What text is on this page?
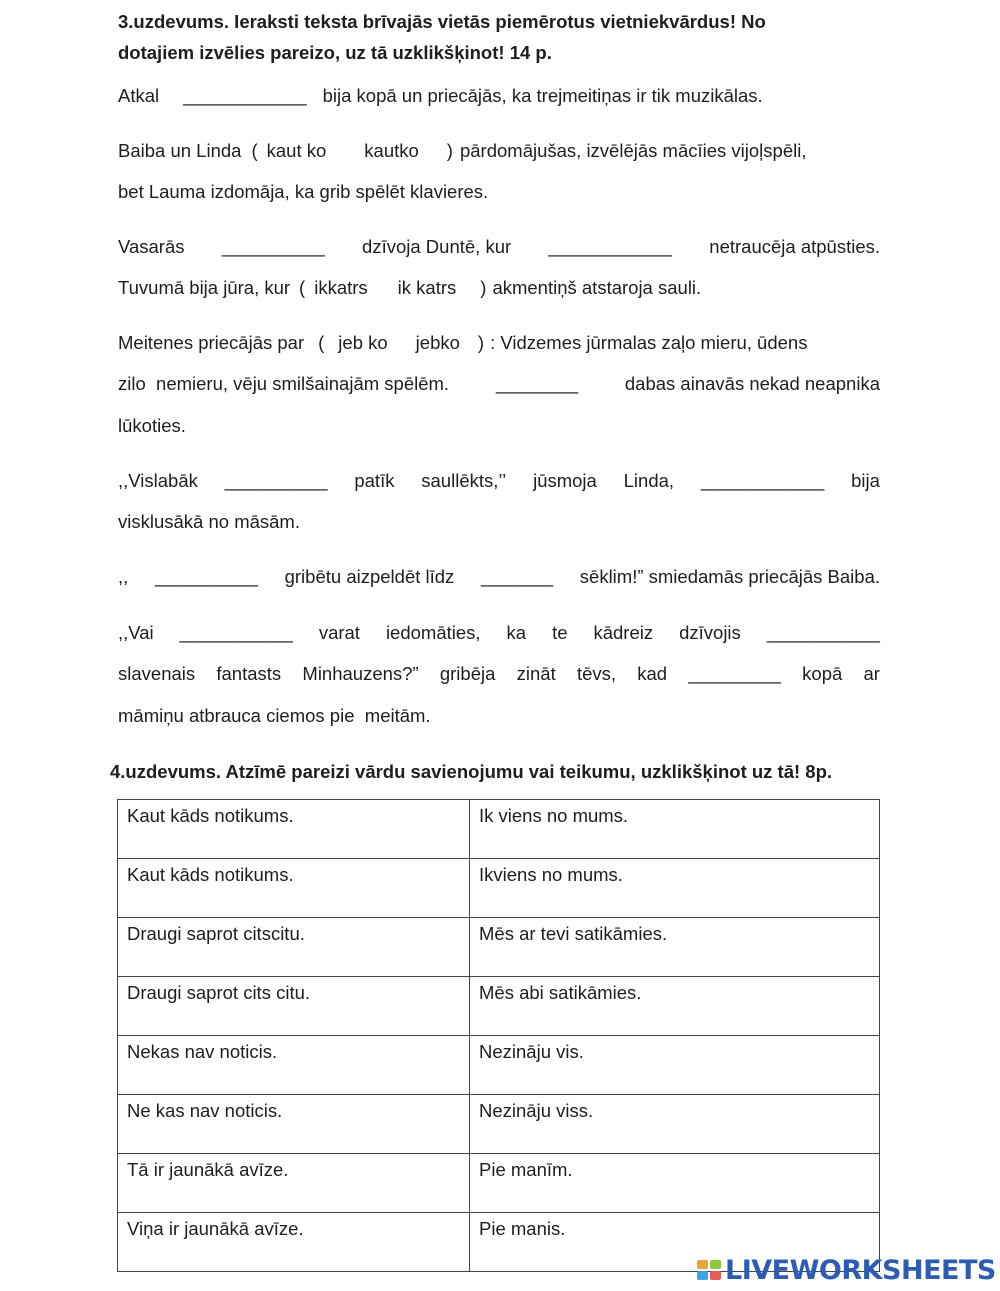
3.uzdevums. Ieraksti teksta brīvajās vietās piemērotus vietniekvārdus! No
dotajiem izvēlies pareizo, uz tā uzklikšķinot! 14 p.
Atkal ____________ bija kopā un priecājās, ka trejmeitiņas ir tik muzikālas.
Baiba un Linda ( kaut ko kautko ) pārdomājušas, izvēlējās mācīies vijoļspēli,
bet Lauma izdomāja, ka grib spēlēt klavieres.
Vasarās __________ dzīvoja Duntē, kur ____________ netraucēja atpūsties.
Tuvumā bija jūra, kur ( ikkatrs ik katrs ) akmentiņš atstaroja sauli.
Meitenes priecājās par ( jeb ko jebko ) : Vidzemes jūrmalas zaļo mieru, ūdens
zilo  nemieru, vēju smilšainajām spēlēm.	________	dabas ainavās nekad neapnika
lūkoties.
,,Vislabāk __________ patīk saullēkts,’’ jūsmoja Linda, ____________ bija
visklusākā no māsām.
,, __________ gribētu aizpeldēt līdz _______ sēklim!” smiedamās priecājās Baiba.
,,Vai ___________ varat iedomāties, ka te kādreiz dzīvojis ___________
slavenais fantasts Minhauzens?” gribēja zināt tēvs, kad _________ kopā ar
māmiņu atbrauca ciemos pie  meitām.
4.uzdevums. Atzīmē pareizi vārdu savienojumu vai teikumu, uzklikšķinot uz tā! 8p.
Kaut kāds notikums.	Ik viens no mums.
Kaut kāds notikums.	Ikviens no mums.
Draugi saprot citscitu.	Mēs ar tevi satikāmies.
Draugi saprot cits citu.	Mēs abi satikāmies.
Nekas nav noticis.	Nezināju vis.
Ne kas nav noticis.	Nezināju viss.
Tā ir jaunākā avīze.	Pie manīm.
Viņa ir jaunākā avīze.	Pie manis.
LIVEWORKSHEETS
